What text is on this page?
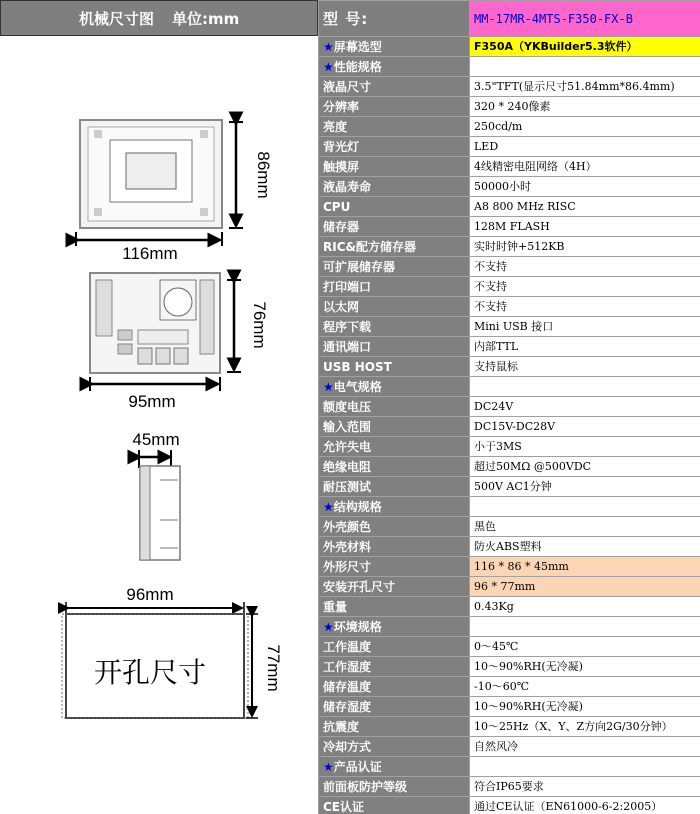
机械尺寸图 单位:mm
86mm
116mm
76mm
95mm
45mm
96mm
77mm
开孔尺寸
型 号:	MM-17MR-4MTS-F350-FX-B
★屏幕选型	F350A（YKBuilder5.3软件）
★性能规格	
液晶尺寸	3.5"TFT(显示尺寸51.84mm*86.4mm)
分辨率	320 * 240像素
亮度	250cd/m
背光灯	LED
触摸屏	4线精密电阻网络（4H）
液晶寿命	50000小时
CPU	A8 800 MHz RISC
储存器	128M FLASH
RIC&配方储存器	实时时钟+512KB
可扩展储存器	不支持
打印端口	不支持
以太网	不支持
程序下载	Mini USB 接口
通讯端口	内部TTL
USB HOST	支持鼠标
★电气规格	
额度电压	DC24V
输入范围	DC15V-DC28V
允许失电	小于3MS
绝缘电阻	超过50MΩ @500VDC
耐压测试	500V AC1分钟
★结构规格	
外壳颜色	黑色
外壳材料	防火ABS塑料
外形尺寸	116 * 86 * 45mm
安装开孔尺寸	96 * 77mm
重量	0.43Kg
★环境规格	
工作温度	0～45℃
工作湿度	10～90%RH(无冷凝)
储存温度	-10～60℃
储存湿度	10～90%RH(无冷凝)
抗震度	10～25Hz（X、Y、Z方向2G/30分钟）
冷却方式	自然风冷
★产品认证	
前面板防护等级	符合IP65要求
CE认证	通过CE认证（EN61000-6-2:2005）
